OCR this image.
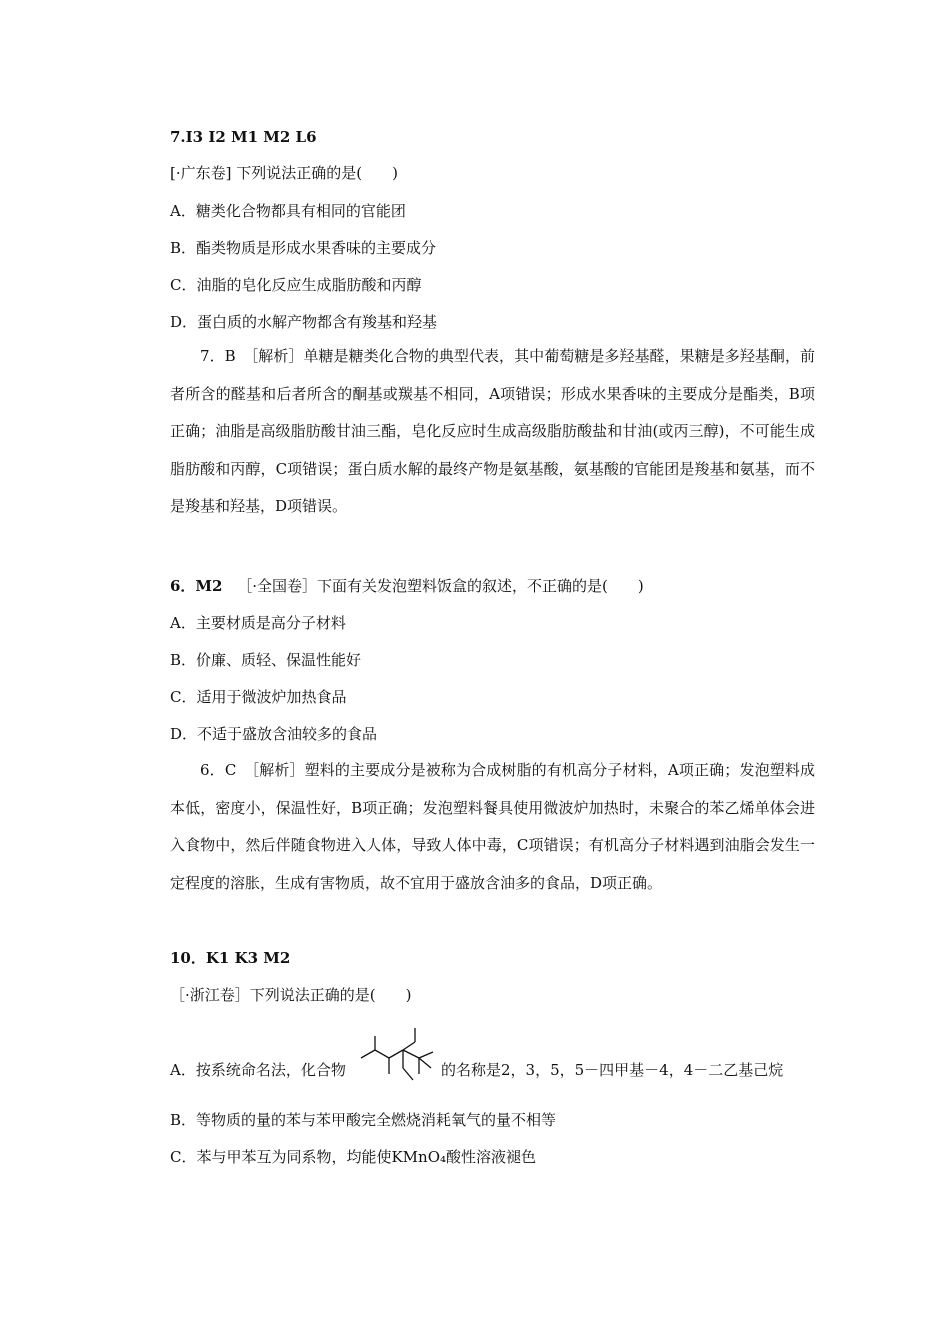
7.I3 I2 M1 M2 L6
[·广东卷] 下列说法正确的是(　　)
A．糖类化合物都具有相同的官能团
B．酯类物质是形成水果香味的主要成分
C．油脂的皂化反应生成脂肪酸和丙醇
D．蛋白质的水解产物都含有羧基和羟基
7．B　［解析］单糖是糖类化合物的典型代表，其中葡萄糖是多羟基醛，果糖是多羟基酮，前者所含的醛基和后者所含的酮基或羰基不相同，A项错误；形成水果香味的主要成分是酯类，B项正确；油脂是高级脂肪酸甘油三酯，皂化反应时生成高级脂肪酸盐和甘油(或丙三醇)，不可能生成脂肪酸和丙醇，C项错误；蛋白质水解的最终产物是氨基酸，氨基酸的官能团是羧基和氨基，而不是羧基和羟基，D项错误。
6．M2 ［·全国卷］下面有关发泡塑料饭盒的叙述，不正确的是(　　)
A．主要材质是高分子材料
B．价廉、质轻、保温性能好
C．适用于微波炉加热食品
D．不适于盛放含油较多的食品
6．C　［解析］塑料的主要成分是被称为合成树脂的有机高分子材料，A项正确；发泡塑料成本低，密度小，保温性好，B项正确；发泡塑料餐具使用微波炉加热时，未聚合的苯乙烯单体会进入食物中，然后伴随食物进入人体，导致人体中毒，C项错误；有机高分子材料遇到油脂会发生一定程度的溶胀，生成有害物质，故不宜用于盛放含油多的食品，D项正确。
10．K1 K3 M2
［·浙江卷］下列说法正确的是(　　)
A．按系统命名法，化合物	的名称是2，3，5，5－四甲基－4，4－二乙基己烷
B．等物质的量的苯与苯甲酸完全燃烧消耗氧气的量不相等
C．苯与甲苯互为同系物，均能使KMnO₄酸性溶液褪色
